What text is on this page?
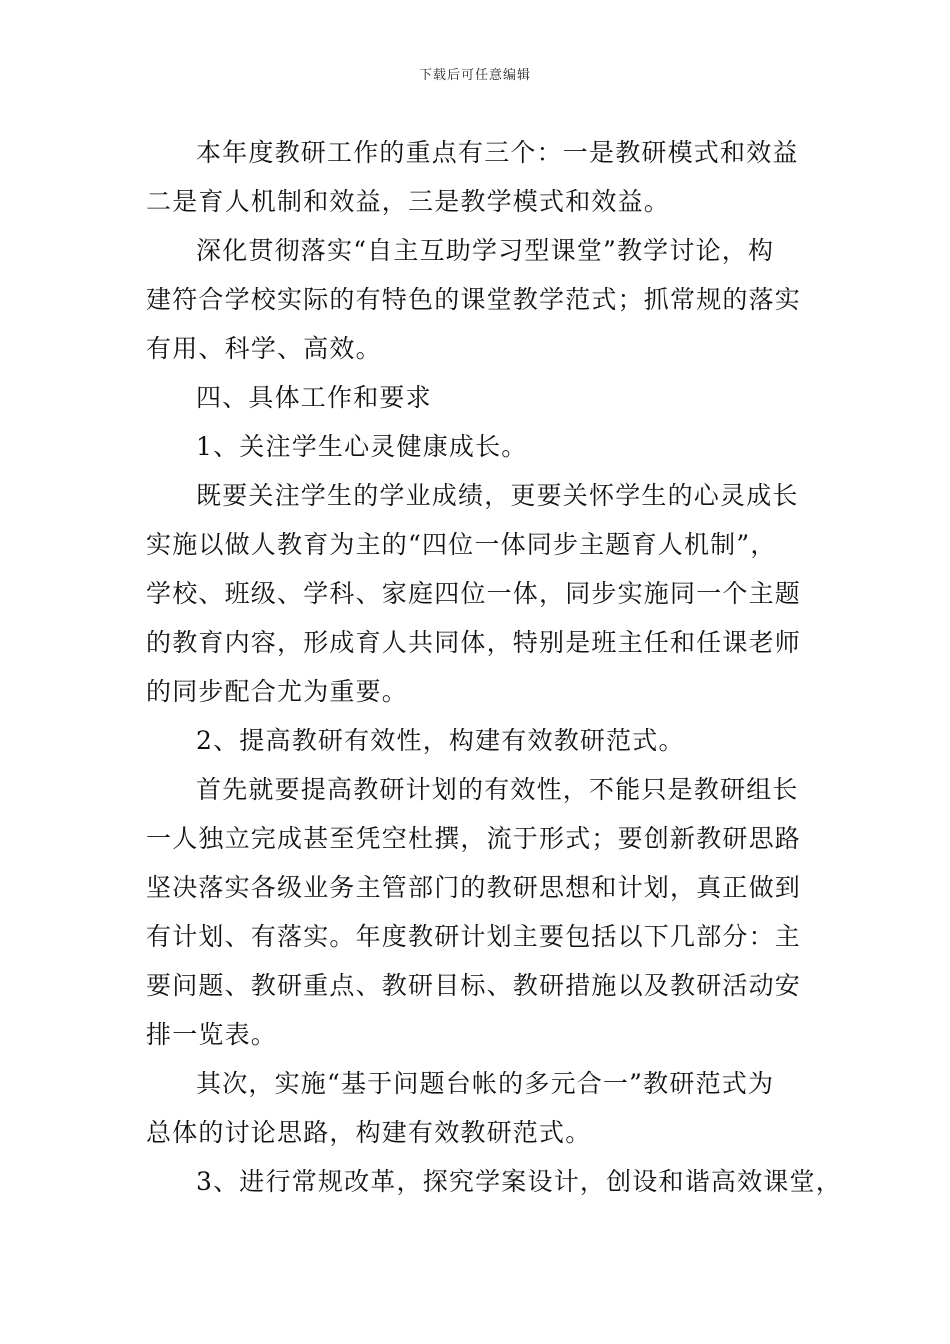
下载后可任意编辑
本年度教研工作的重点有三个：一是教研模式和效益
二是育人机制和效益，三是教学模式和效益。
深化贯彻落实“自主互助学习型课堂”教学讨论，构
建符合学校实际的有特色的课堂教学范式；抓常规的落实
有用、科学、高效。
四、具体工作和要求
1、关注学生心灵健康成长。
既要关注学生的学业成绩，更要关怀学生的心灵成长
实施以做人教育为主的“四位一体同步主题育人机制”，
学校、班级、学科、家庭四位一体，同步实施同一个主题
的教育内容，形成育人共同体，特别是班主任和任课老师
的同步配合尤为重要。
2、提高教研有效性，构建有效教研范式。
首先就要提高教研计划的有效性，不能只是教研组长
一人独立完成甚至凭空杜撰，流于形式；要创新教研思路
坚决落实各级业务主管部门的教研思想和计划，真正做到
有计划、有落实。年度教研计划主要包括以下几部分：主
要问题、教研重点、教研目标、教研措施以及教研活动安
排一览表。
其次，实施“基于问题台帐的多元合一”教研范式为
总体的讨论思路，构建有效教研范式。
3、进行常规改革，探究学案设计，创设和谐高效课堂，
